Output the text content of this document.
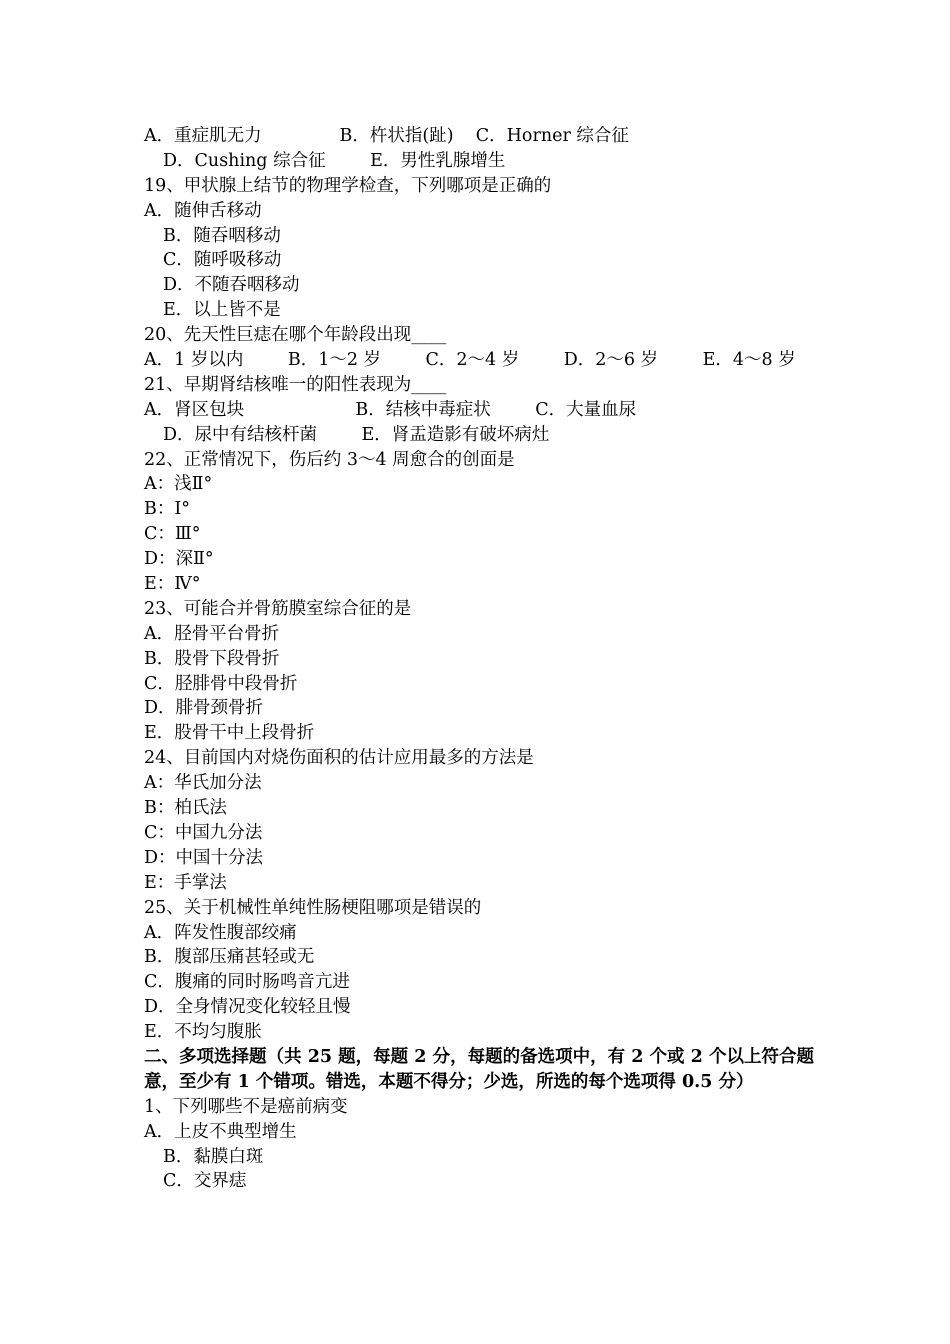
A．重症肌无力              B．杵状指(趾)    C．Horner 综合征
D．Cushing 综合征        E．男性乳腺增生
19、甲状腺上结节的物理学检查，下列哪项是正确的
A．随伸舌移动
B．随吞咽移动
C．随呼吸移动
D．不随吞咽移动
E．以上皆不是
20、先天性巨痣在哪个年龄段出现____
A．1 岁以内        B．1～2 岁        C．2～4 岁        D．2～6 岁        E．4～8 岁
21、早期肾结核唯一的阳性表现为____
A．肾区包块                    B．结核中毒症状        C．大量血尿
D．尿中有结核杆菌        E．肾盂造影有破坏病灶
22、正常情况下，伤后约 3～4 周愈合的创面是
A：浅Ⅱ°
B：Ⅰ°
C：Ⅲ°
D：深Ⅱ°
E：Ⅳ°
23、可能合并骨筋膜室综合征的是
A．胫骨平台骨折
B．股骨下段骨折
C．胫腓骨中段骨折
D．腓骨颈骨折
E．股骨干中上段骨折
24、目前国内对烧伤面积的估计应用最多的方法是
A：华氏加分法
B：柏氏法
C：中国九分法
D：中国十分法
E：手掌法
25、关于机械性单纯性肠梗阻哪项是错误的
A．阵发性腹部绞痛
B．腹部压痛甚轻或无
C．腹痛的同时肠鸣音亢进
D．全身情况变化较轻且慢
E．不均匀腹胀
二、多项选择题（共 25 题，每题 2 分，每题的备选项中，有 2 个或 2 个以上符合题意，至少有 1 个错项。错选，本题不得分；少选，所选的每个选项得 0.5 分）
1、下列哪些不是癌前病变
A．上皮不典型增生
B．黏膜白斑
C．交界痣
